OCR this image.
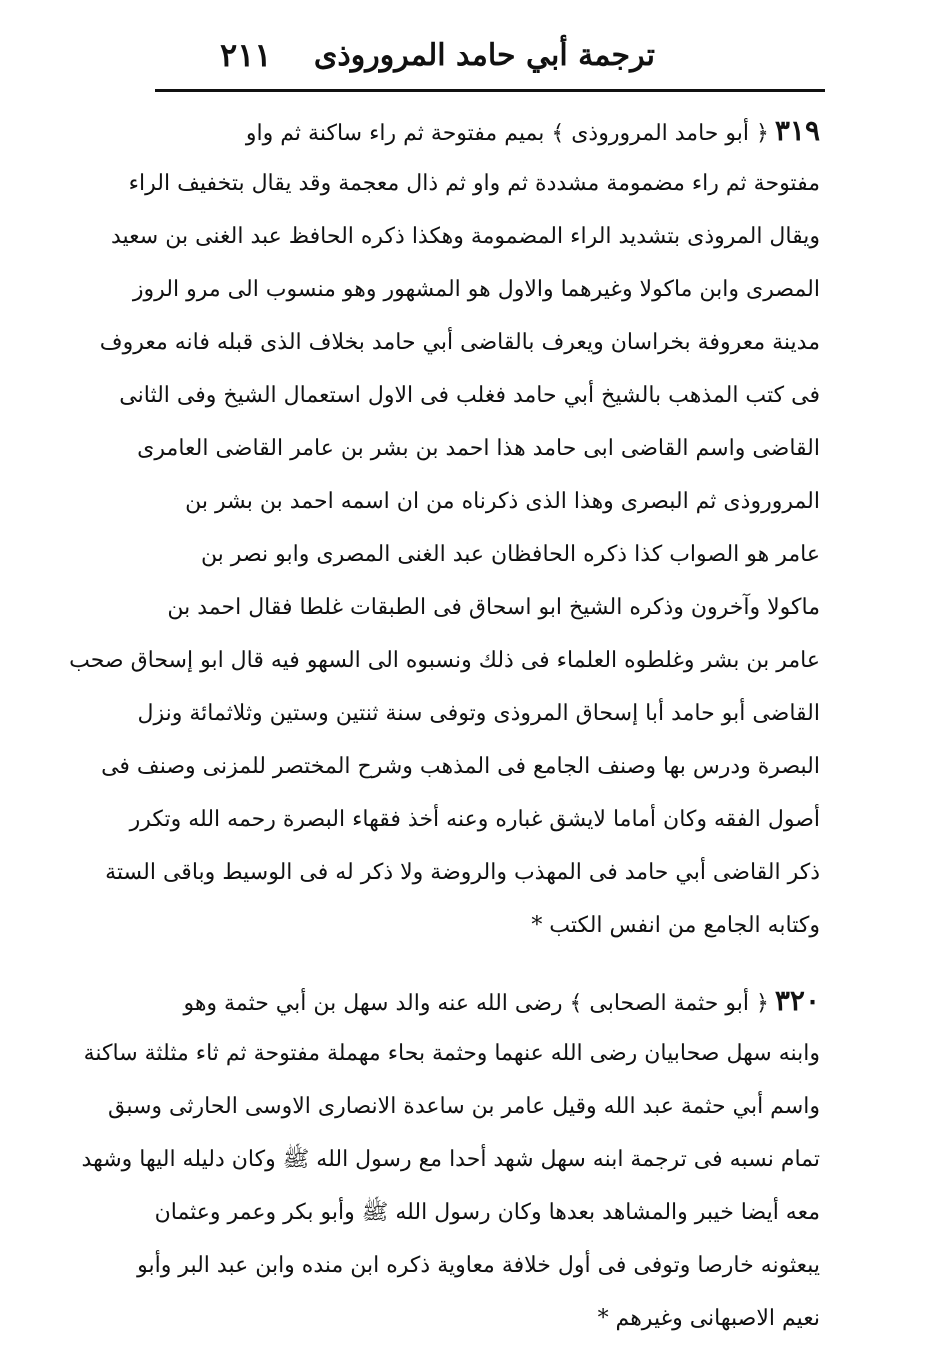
ترجمة أبي حامد المروروذى
٢١١
٣١٩﴿ أبو حامد المروروذى ﴾ بميم مفتوحة ثم راء ساكنة ثم واو
مفتوحة ثم راء مضمومة مشددة ثم واو ثم ذال معجمة وقد يقال بتخفيف الراء
ويقال المروذى بتشديد الراء المضمومة وهكذا ذكره الحافظ عبد الغنى بن سعيد
المصرى وابن ماكولا وغيرهما والاول هو المشهور وهو منسوب الى مرو الروز
مدينة معروفة بخراسان ويعرف بالقاضى أبي حامد بخلاف الذى قبله فانه معروف
فى كتب المذهب بالشيخ أبي حامد فغلب فى الاول استعمال الشيخ وفى الثانى
القاضى واسم القاضى ابى حامد هذا احمد بن بشر بن عامر القاضى العامرى
المروروذى ثم البصرى وهذا الذى ذكرناه من ان اسمه احمد بن بشر بن
عامر هو الصواب كذا ذكره الحافظان عبد الغنى المصرى وابو نصر بن
ماكولا وآخرون وذكره الشيخ ابو اسحاق فى الطبقات غلطا فقال احمد بن
عامر بن بشر وغلطوه العلماء فى ذلك ونسبوه الى السهو فيه قال ابو إسحاق صحب
القاضى أبو حامد أبا إسحاق المروذى وتوفى سنة ثنتين وستين وثلاثمائة ونزل
البصرة ودرس بها وصنف الجامع فى المذهب وشرح المختصر للمزنى وصنف فى
أصول الفقه وكان أماما لايشق غباره وعنه أخذ فقهاء البصرة رحمه الله وتكرر
ذكر القاضى أبي حامد فى المهذب والروضة ولا ذكر له فى الوسيط وباقى الستة
وكتابه الجامع من انفس الكتب *
٣٢٠﴿ أبو حثمة الصحابى ﴾ رضى الله عنه والد سهل بن أبي حثمة وهو
وابنه سهل صحابيان رضى الله عنهما وحثمة بحاء مهملة مفتوحة ثم ثاء مثلثة ساكنة
واسم أبي حثمة عبد الله وقيل عامر بن ساعدة الانصارى الاوسى الحارثى وسبق
تمام نسبه فى ترجمة ابنه سهل شهد أحدا مع رسول الله ﷺ وكان دليله اليها وشهد
معه أيضا خيبر والمشاهد بعدها وكان رسول الله ﷺ وأبو بكر وعمر وعثمان
يبعثونه خارصا وتوفى فى أول خلافة معاوية ذكره ابن منده وابن عبد البر وأبو
نعيم الاصبهانى وغيرهم *
